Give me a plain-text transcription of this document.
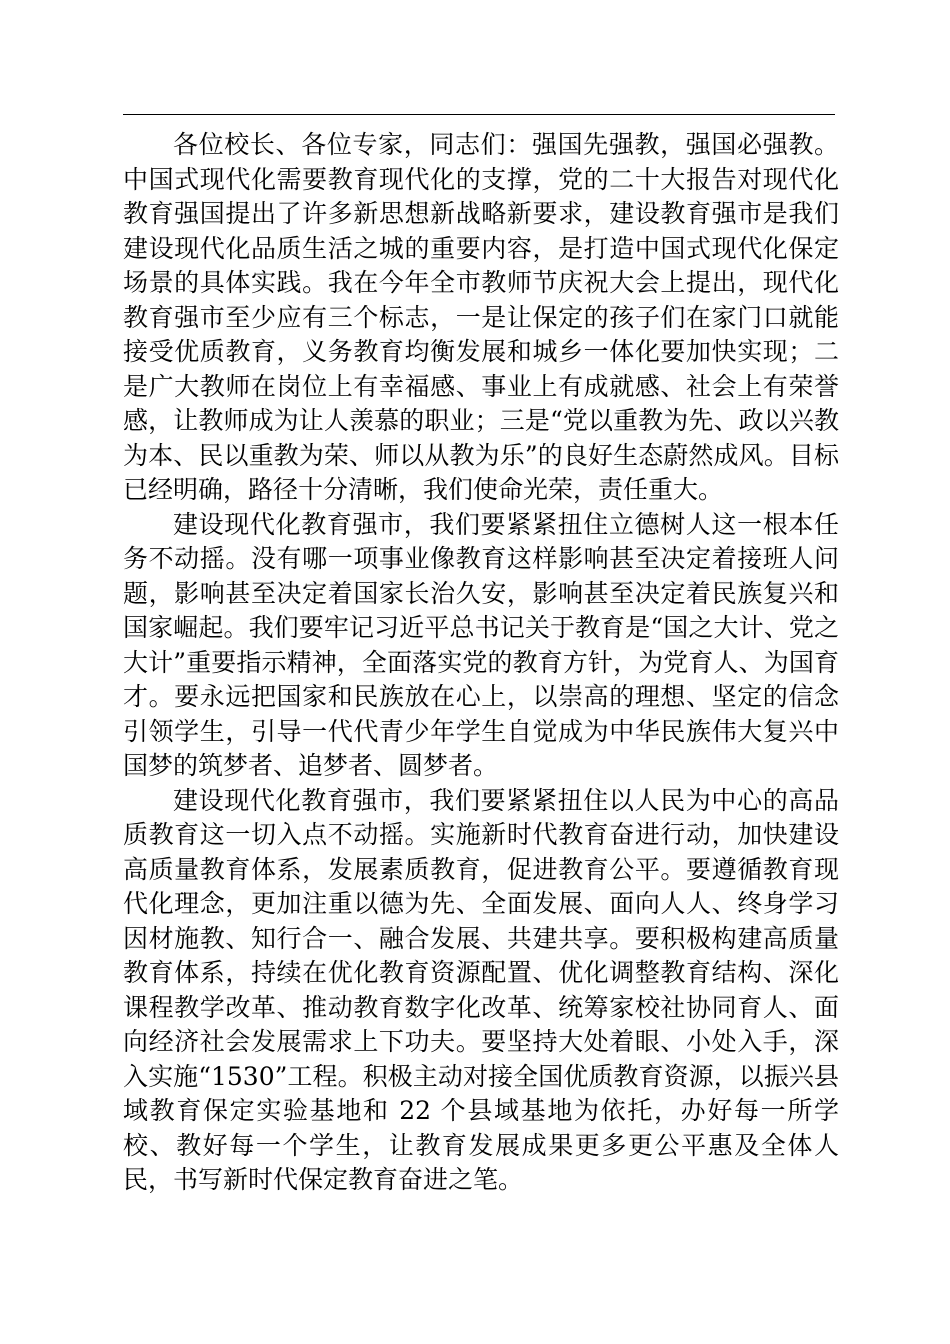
各位校长、各位专家，同志们：强国先强教，强国必强教。中国式现代化需要教育现代化的支撑，党的二十大报告对现代化教育强国提出了许多新思想新战略新要求，建设教育强市是我们建设现代化品质生活之城的重要内容，是打造中国式现代化保定场景的具体实践。我在今年全市教师节庆祝大会上提出，现代化教育强市至少应有三个标志，一是让保定的孩子们在家门口就能接受优质教育，义务教育均衡发展和城乡一体化要加快实现；二是广大教师在岗位上有幸福感、事业上有成就感、社会上有荣誉感，让教师成为让人羡慕的职业；三是“党以重教为先、政以兴教为本、民以重教为荣、师以从教为乐”的良好生态蔚然成风。目标已经明确，路径十分清晰，我们使命光荣，责任重大。

建设现代化教育强市，我们要紧紧扭住立德树人这一根本任务不动摇。没有哪一项事业像教育这样影响甚至决定着接班人问题，影响甚至决定着国家长治久安，影响甚至决定着民族复兴和国家崛起。我们要牢记习近平总书记关于教育是“国之大计、党之大计”重要指示精神，全面落实党的教育方针，为党育人、为国育才。要永远把国家和民族放在心上，以崇高的理想、坚定的信念引领学生，引导一代代青少年学生自觉成为中华民族伟大复兴中国梦的筑梦者、追梦者、圆梦者。

建设现代化教育强市，我们要紧紧扭住以人民为中心的高品质教育这一切入点不动摇。实施新时代教育奋进行动，加快建设高质量教育体系，发展素质教育，促进教育公平。要遵循教育现代化理念，更加注重以德为先、全面发展、面向人人、终身学习因材施教、知行合一、融合发展、共建共享。要积极构建高质量教育体系，持续在优化教育资源配置、优化调整教育结构、深化课程教学改革、推动教育数字化改革、统筹家校社协同育人、面向经济社会发展需求上下功夫。要坚持大处着眼、小处入手，深入实施“1530”工程。积极主动对接全国优质教育资源，以振兴县域教育保定实验基地和 22 个县域基地为依托，办好每一所学校、教好每一个学生，让教育发展成果更多更公平惠及全体人民，书写新时代保定教育奋进之笔。
